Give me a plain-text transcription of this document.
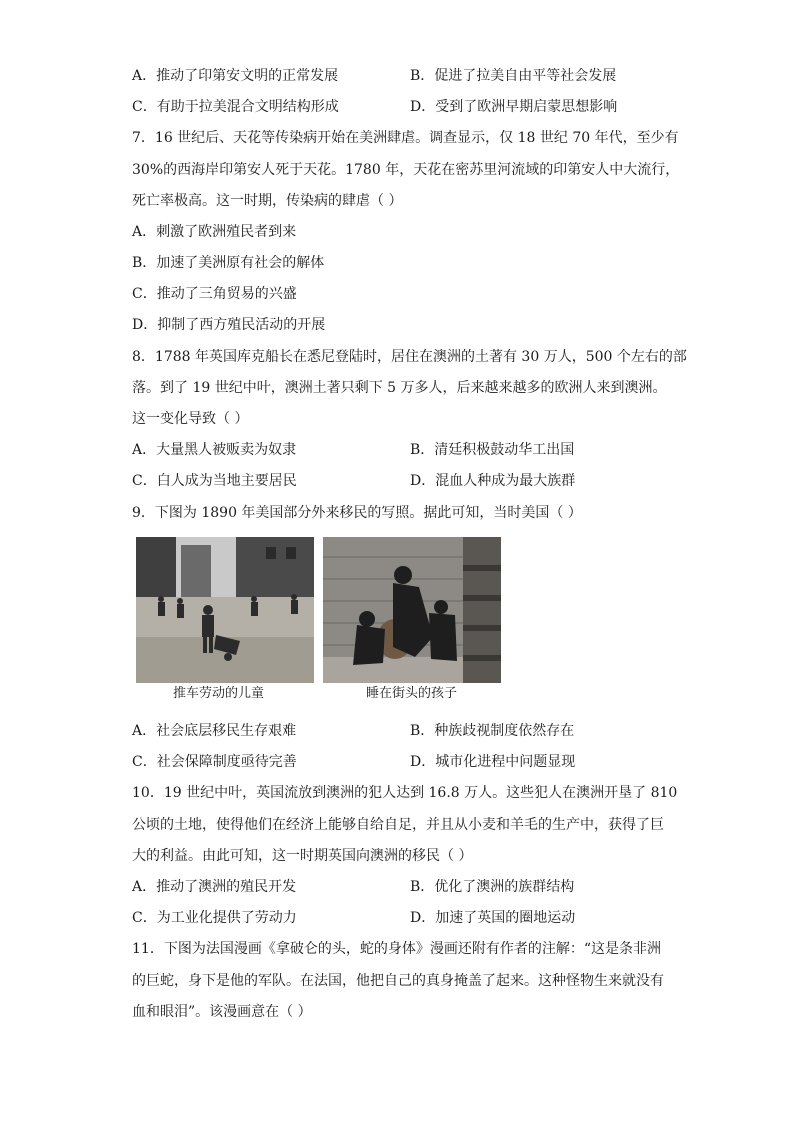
A．推动了印第安文明的正常发展	B．促进了拉美自由平等社会发展
C．有助于拉美混合文明结构形成	D．受到了欧洲早期启蒙思想影响
7．16 世纪后、天花等传染病开始在美洲肆虐。调查显示，仅 18 世纪 70 年代，至少有
30%的西海岸印第安人死于天花。1780 年，天花在密苏里河流域的印第安人中大流行，
死亡率极高。这一时期，传染病的肆虐（ ）
A．刺激了欧洲殖民者到来
B．加速了美洲原有社会的解体
C．推动了三角贸易的兴盛
D．抑制了西方殖民活动的开展
8．1788 年英国库克船长在悉尼登陆时，居住在澳洲的土著有 30 万人，500 个左右的部
落。到了 19 世纪中叶，澳洲土著只剩下 5 万多人，后来越来越多的欧洲人来到澳洲。
这一变化导致（ ）
A．大量黑人被贩卖为奴隶	B．清廷积极鼓动华工出国
C．白人成为当地主要居民	D．混血人种成为最大族群
9．下图为 1890 年美国部分外来移民的写照。据此可知，当时美国（ ）
推车劳动的儿童	睡在街头的孩子
A．社会底层移民生存艰难	B．种族歧视制度依然存在
C．社会保障制度亟待完善	D．城市化进程中问题显现
10．19 世纪中叶，英国流放到澳洲的犯人达到 16.8 万人。这些犯人在澳洲开垦了 810
公顷的土地，使得他们在经济上能够自给自足，并且从小麦和羊毛的生产中，获得了巨
大的利益。由此可知，这一时期英国向澳洲的移民（ ）
A．推动了澳洲的殖民开发	B．优化了澳洲的族群结构
C．为工业化提供了劳动力	D．加速了英国的圈地运动
11．下图为法国漫画《拿破仑的头，蛇的身体》漫画还附有作者的注解：“这是条非洲
的巨蛇，身下是他的军队。在法国，他把自己的真身掩盖了起来。这种怪物生来就没有
血和眼泪”。该漫画意在（ ）
